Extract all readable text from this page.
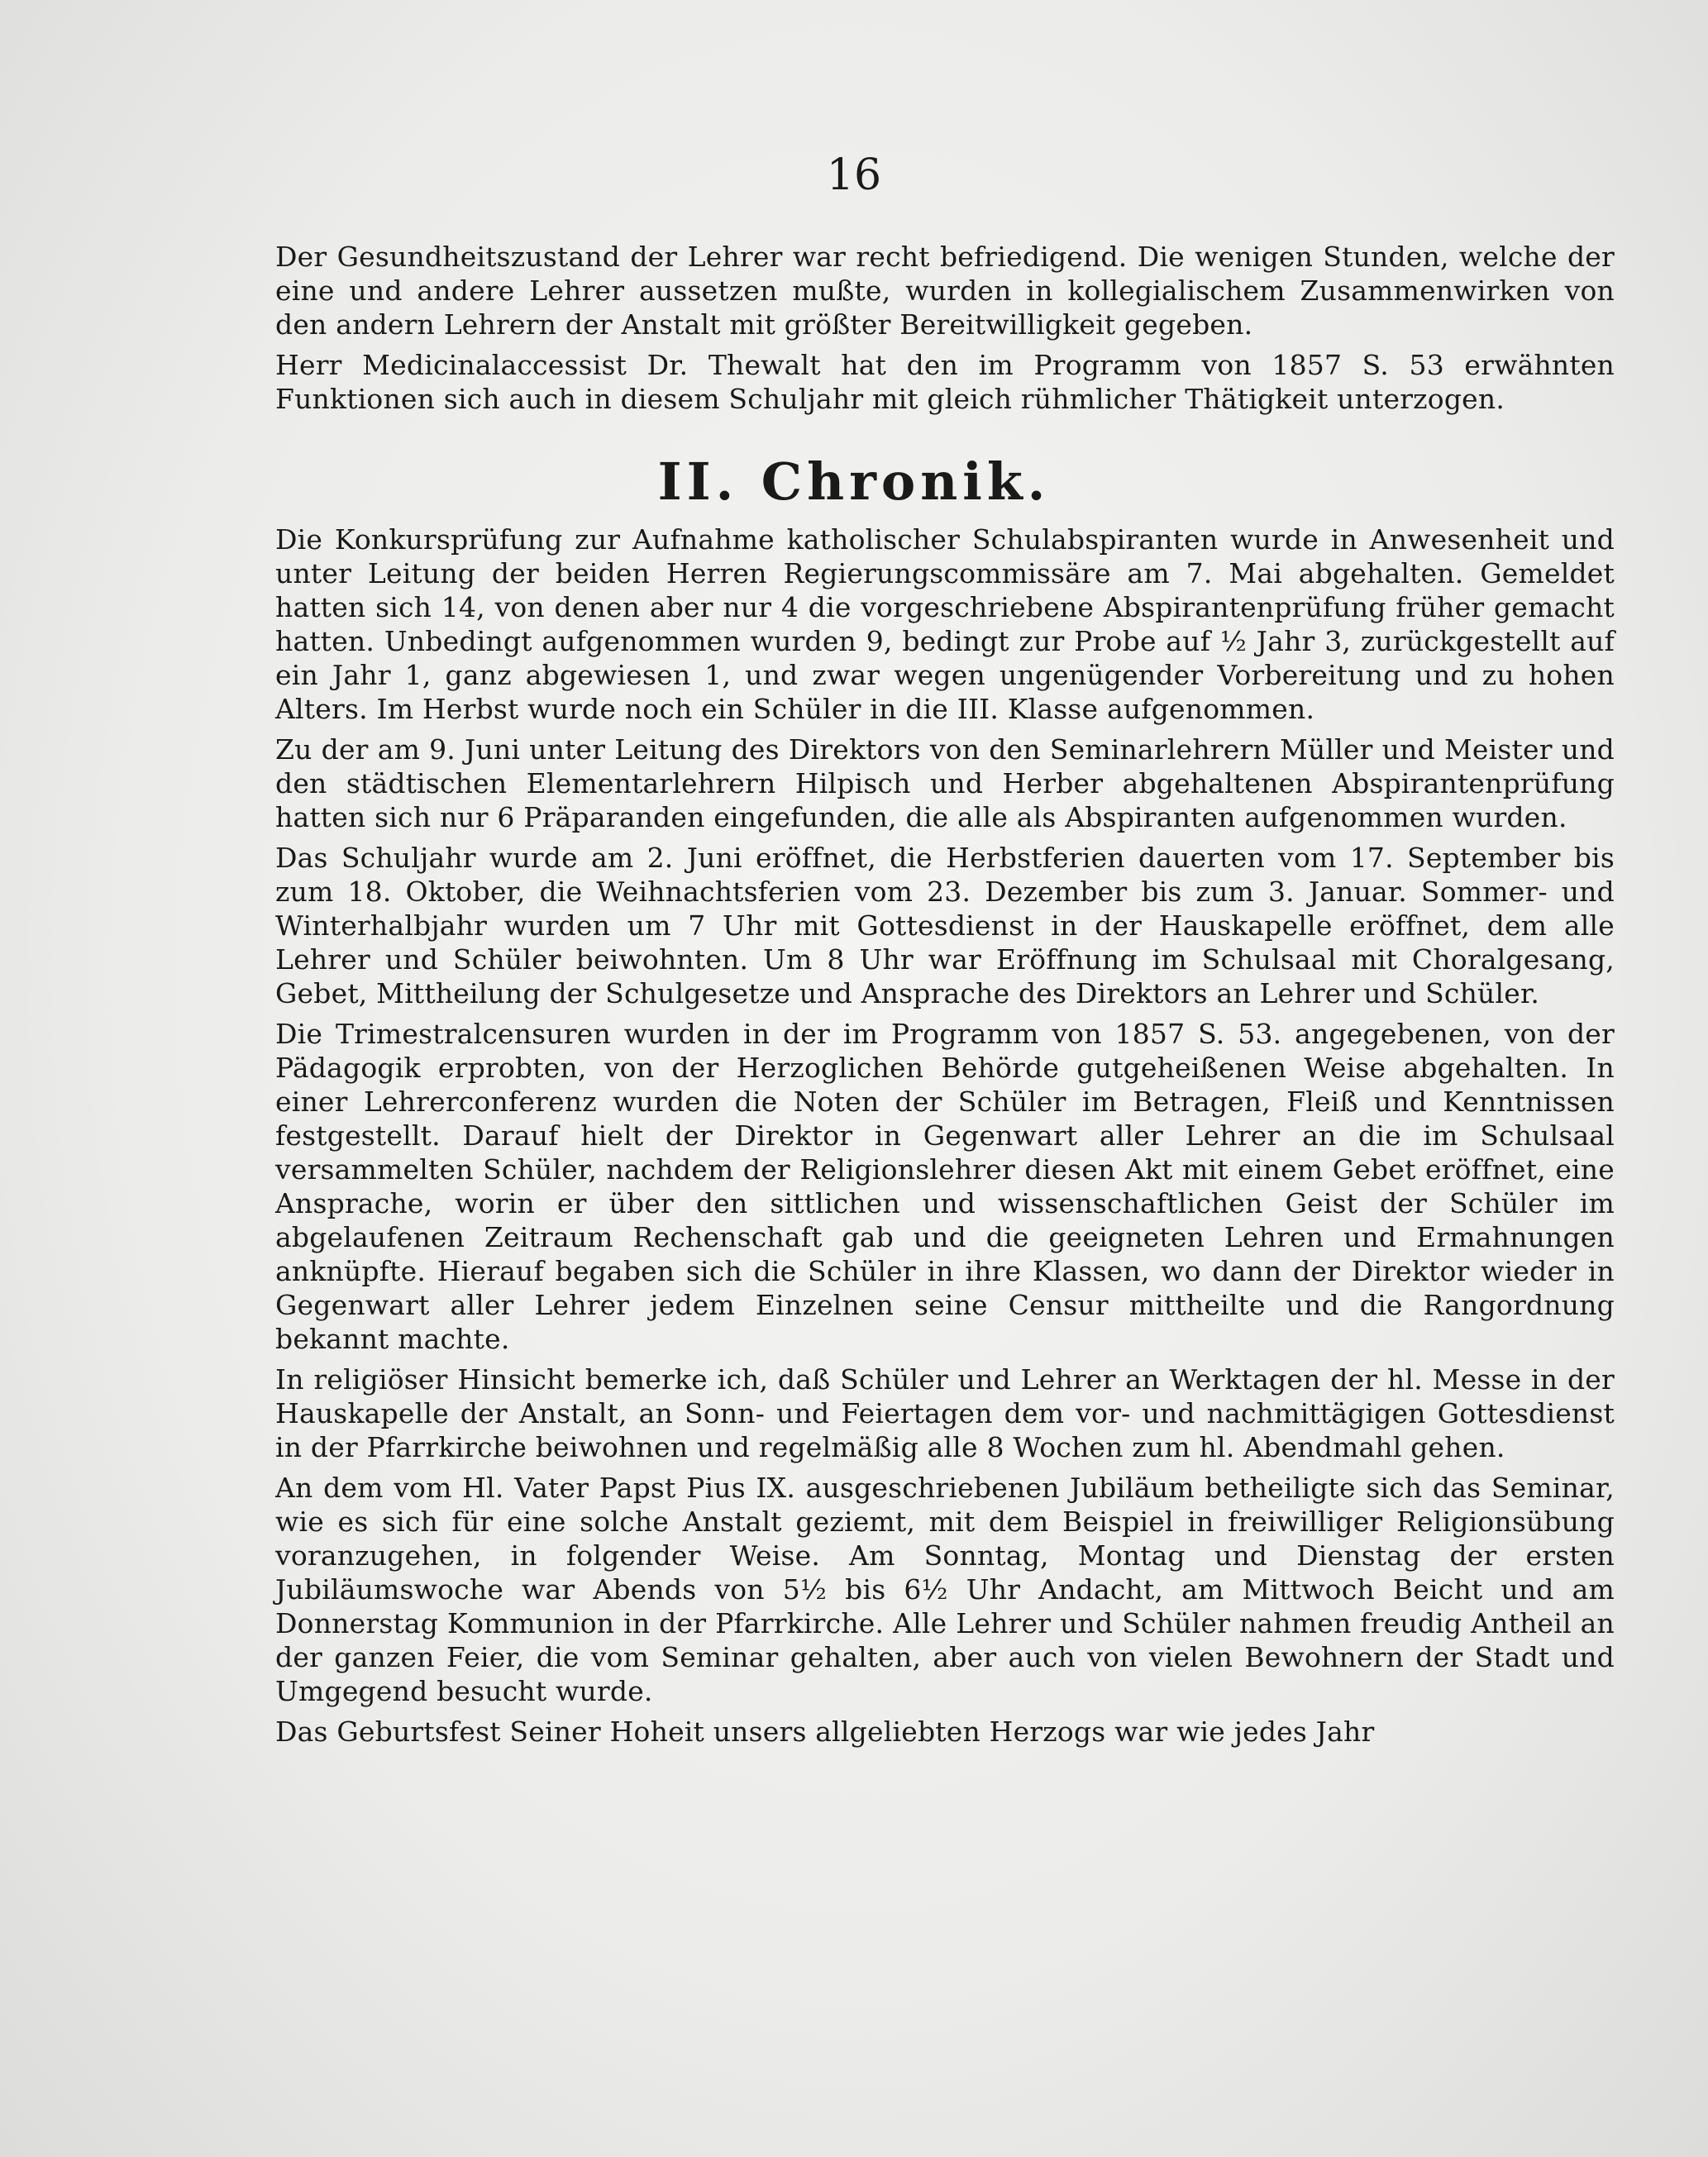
16

Der Gesundheitszustand der Lehrer war recht befriedigend. Die wenigen Stunden, welche der eine und andere Lehrer aussetzen mußte, wurden in kollegialischem Zusammenwirken von den andern Lehrern der Anstalt mit größter Bereitwilligkeit gegeben.

Herr Medicinalaccessist Dr. Thewalt hat den im Programm von 1857 S. 53 erwähnten Funktionen sich auch in diesem Schuljahr mit gleich rühmlicher Thätigkeit unterzogen.

II. Chronik.

Die Konkursprüfung zur Aufnahme katholischer Schulabspiranten wurde in Anwesenheit und unter Leitung der beiden Herren Regierungscommissäre am 7. Mai abgehalten. Gemeldet hatten sich 14, von denen aber nur 4 die vorgeschriebene Abspirantenprüfung früher gemacht hatten. Unbedingt aufgenommen wurden 9, bedingt zur Probe auf ½ Jahr 3, zurückgestellt auf ein Jahr 1, ganz abgewiesen 1, und zwar wegen ungenügender Vorbereitung und zu hohen Alters. Im Herbst wurde noch ein Schüler in die III. Klasse aufgenommen.

Zu der am 9. Juni unter Leitung des Direktors von den Seminarlehrern Müller und Meister und den städtischen Elementarlehrern Hilpisch und Herber abgehaltenen Abspirantenprüfung hatten sich nur 6 Präparanden eingefunden, die alle als Abspiranten aufgenommen wurden.

Das Schuljahr wurde am 2. Juni eröffnet, die Herbstferien dauerten vom 17. September bis zum 18. Oktober, die Weihnachtsferien vom 23. Dezember bis zum 3. Januar. Sommer- und Winterhalbjahr wurden um 7 Uhr mit Gottesdienst in der Hauskapelle eröffnet, dem alle Lehrer und Schüler beiwohnten. Um 8 Uhr war Eröffnung im Schulsaal mit Choralgesang, Gebet, Mittheilung der Schulgesetze und Ansprache des Direktors an Lehrer und Schüler.

Die Trimestralcensuren wurden in der im Programm von 1857 S. 53. angegebenen, von der Pädagogik erprobten, von der Herzoglichen Behörde gutgeheißenen Weise abgehalten. In einer Lehrerconferenz wurden die Noten der Schüler im Betragen, Fleiß und Kenntnissen festgestellt. Darauf hielt der Direktor in Gegenwart aller Lehrer an die im Schulsaal versammelten Schüler, nachdem der Religionslehrer diesen Akt mit einem Gebet eröffnet, eine Ansprache, worin er über den sittlichen und wissenschaftlichen Geist der Schüler im abgelaufenen Zeitraum Rechenschaft gab und die geeigneten Lehren und Ermahnungen anknüpfte. Hierauf begaben sich die Schüler in ihre Klassen, wo dann der Direktor wieder in Gegenwart aller Lehrer jedem Einzelnen seine Censur mittheilte und die Rangordnung bekannt machte.

In religiöser Hinsicht bemerke ich, daß Schüler und Lehrer an Werktagen der hl. Messe in der Hauskapelle der Anstalt, an Sonn- und Feiertagen dem vor- und nachmittägigen Gottesdienst in der Pfarrkirche beiwohnen und regelmäßig alle 8 Wochen zum hl. Abendmahl gehen.

An dem vom Hl. Vater Papst Pius IX. ausgeschriebenen Jubiläum betheiligte sich das Seminar, wie es sich für eine solche Anstalt geziemt, mit dem Beispiel in freiwilliger Religionsübung voranzugehen, in folgender Weise. Am Sonntag, Montag und Dienstag der ersten Jubiläumswoche war Abends von 5½ bis 6½ Uhr Andacht, am Mittwoch Beicht und am Donnerstag Kommunion in der Pfarrkirche. Alle Lehrer und Schüler nahmen freudig Antheil an der ganzen Feier, die vom Seminar gehalten, aber auch von vielen Bewohnern der Stadt und Umgegend besucht wurde.

Das Geburtsfest Seiner Hoheit unsers allgeliebten Herzogs war wie jedes Jahr
